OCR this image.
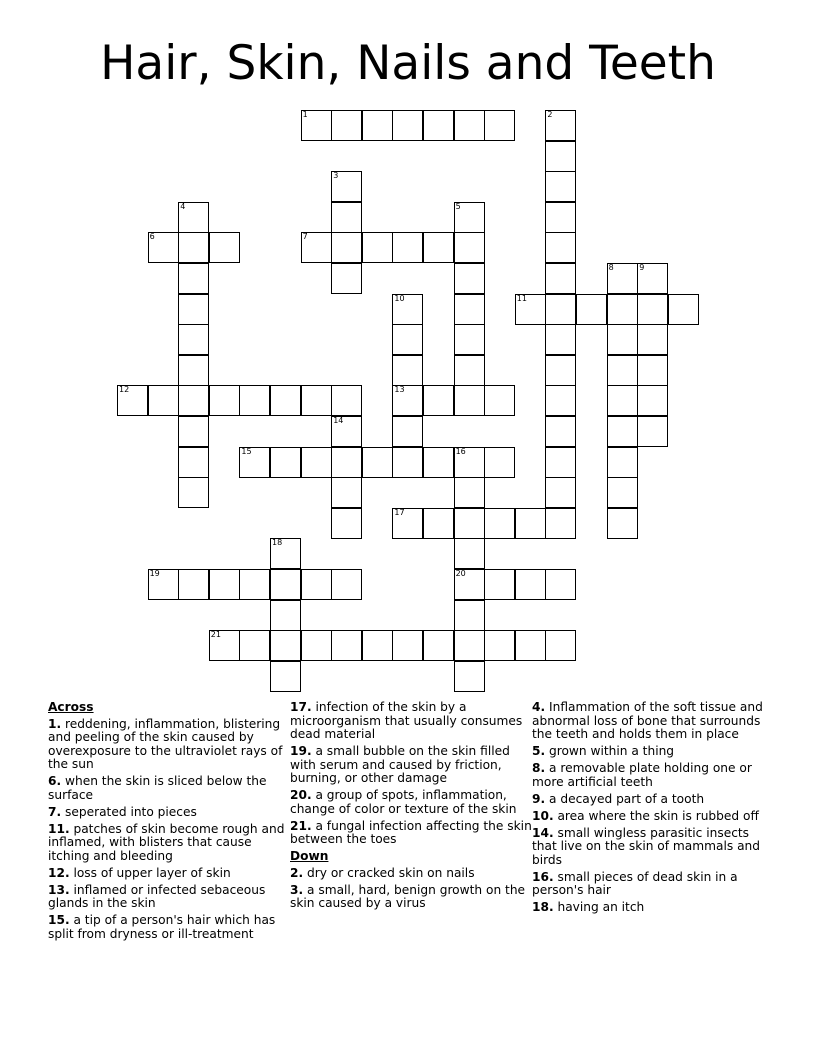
Hair, Skin, Nails and Teeth
1	2
3
4	5
6	7
8	9
10
13
11
12
14
15	16
20
17
18
19
21
Across
1. reddening, inflammation, blistering and peeling of the skin caused by overexposure to the ultraviolet rays of the sun
6. when the skin is sliced below the surface
7. seperated into pieces
11. patches of skin become rough and inflamed, with blisters that cause itching and bleeding
12. loss of upper layer of skin
13. inflamed or infected sebaceous glands in the skin
15. a tip of a person's hair which has split from dryness or ill-treatment
17. infection of the skin by a microorganism that usually consumes dead material
19. a small bubble on the skin filled with serum and caused by friction, burning, or other damage
20. a group of spots, inflammation, change of color or texture of the skin
21. a fungal infection affecting the skin between the toes
Down
2. dry or cracked skin on nails
3. a small, hard, benign growth on the skin caused by a virus
4. Inflammation of the soft tissue and abnormal loss of bone that surrounds the teeth and holds them in place
5. grown within a thing
8. a removable plate holding one or more artificial teeth
9. a decayed part of a tooth
10. area where the skin is rubbed off
14. small wingless parasitic insects that live on the skin of mammals and birds
16. small pieces of dead skin in a person's hair
18. having an itch
